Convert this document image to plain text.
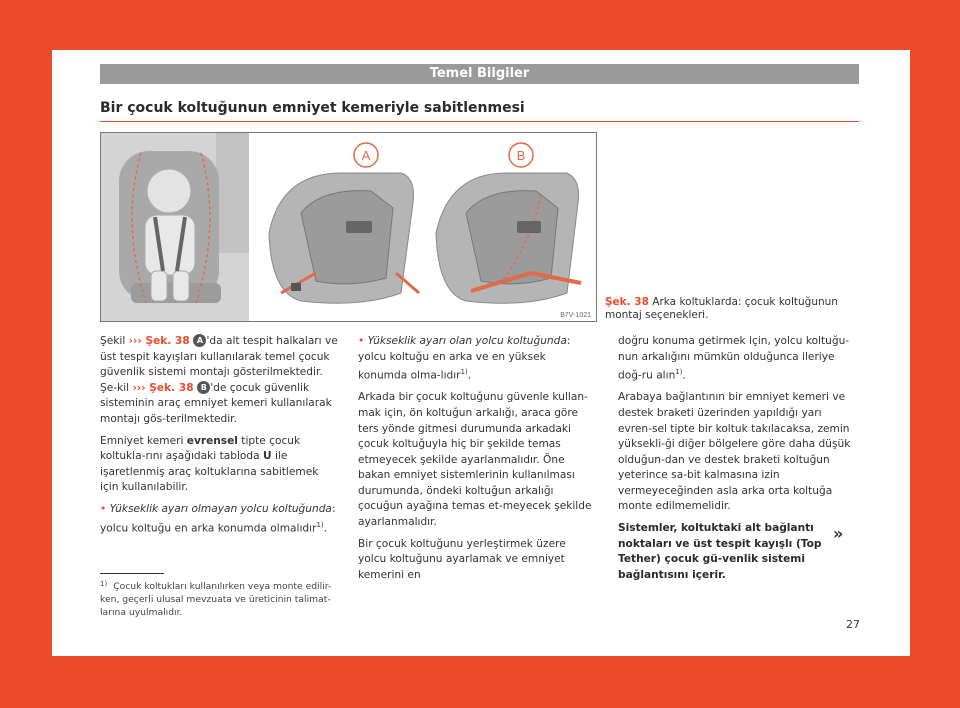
Temel Bilgiler
Bir çocuk koltuğunun emniyet kemeriyle sabitlenmesi
A	B
B7V-1021
Şek. 38 Arka koltuklarda: çocuk koltuğunun montaj seçenekleri.

Şekil ››› Şek. 38 A 'da alt tespit halkaları ve üst tespit kayışları kullanılarak temel çocuk güvenlik sistemi montajı gösterilmektedir. Şe-kil ››› Şek. 38 B 'de çocuk güvenlik sisteminin araç emniyet kemeri kullanılarak montajı gös-terilmektedir.

Emniyet kemeri evrensel tipte çocuk koltukla-rını aşağıdaki tabloda U ile işaretlenmiş araç koltuklarına sabitlemek için kullanılabilir.

• Yükseklik ayarı olmayan yolcu koltuğunda: yolcu koltuğu en arka konumda olmalıdır$^{1)}$.

• Yükseklik ayarı olan yolcu koltuğunda: yolcu koltuğu en arka ve en yüksek konumda olma-lıdır$^{1)}$.

Arkada bir çocuk koltuğunu güvenle kullan-mak için, ön koltuğun arkalığı, araca göre ters yönde gitmesi durumunda arkadaki çocuk koltuğuyla hiç bir şekilde temas etmeyecek şekilde ayarlanmalıdır. Öne bakan emniyet sistemlerinin kullanılması durumunda, öndeki koltuğun arkalığı çocuğun ayağına temas et-meyecek şekilde ayarlanmalıdır.

Bir çocuk koltuğunu yerleştirmek üzere yolcu koltuğunu ayarlamak ve emniyet kemerini en

doğru konuma getirmek için, yolcu koltuğu-nun arkalığını mümkün olduğunca ileriye doğ-ru alın$^{1)}$.

Arabaya bağlantının bir emniyet kemeri ve destek braketi üzerinden yapıldığı yarı evren-sel tipte bir koltuk takılacaksa, zemin yüksekli-ği diğer bölgelere göre daha düşük olduğun-dan ve destek braketi koltuğun yeterince sa-bit kalmasına izin vermeyeceğinden asla arka orta koltuğa monte edilmemelidir.

Sistemler, koltuktaki alt bağlantı noktaları ve üst tespit kayışlı (Top Tether) çocuk gü-venlik sistemi bağlantısını içerir.

»
$^{1)}$ Çocuk koltukları kullanılırken veya monte edilir-ken, geçerli ulusal mevzuata ve üreticinin talimat-larına uyulmalıdır.
27
